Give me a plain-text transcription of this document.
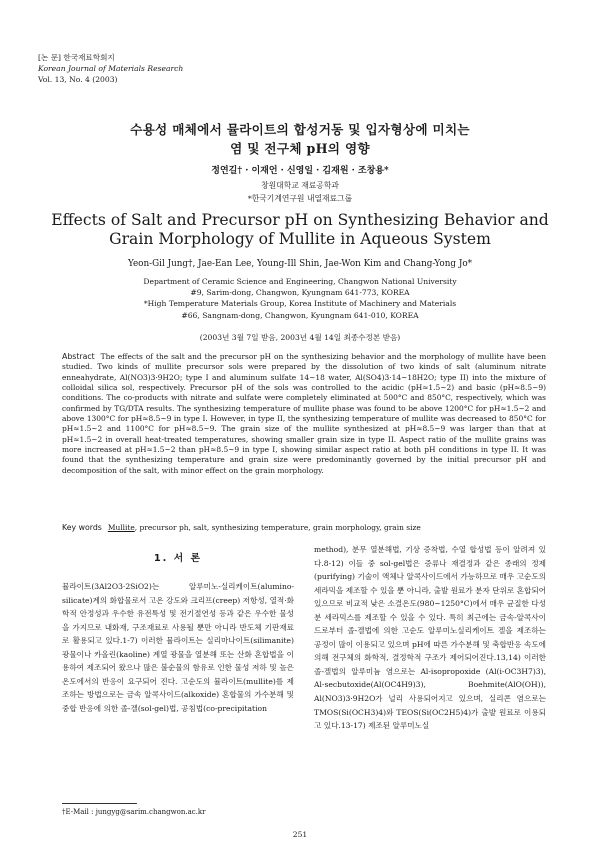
[논 문] 한국재료학회지
Korean Journal of Materials Research
Vol. 13, No. 4 (2003)
수용성 매체에서 뮬라이트의 합성거동 및 입자형상에 미치는
염 및 전구체 pH의 영향
정연길† · 이재언 · 신영일 · 김재원 · 조창용*
창원대학교 재료공학과
*한국기계연구원 내열재료그룹
Effects of Salt and Precursor pH on Synthesizing Behavior and
Grain Morphology of Mullite in Aqueous System
Yeon-Gil Jung†, Jae-Ean Lee, Young-Ill Shin, Jae-Won Kim and Chang-Yong Jo*
Department of Ceramic Science and Engineering, Changwon National University
#9, Sarim-dong, Changwon, Kyungnam 641-773, KOREA
*High Temperature Materials Group, Korea Institute of Machinery and Materials
#66, Sangnam-dong, Changwon, Kyungnam 641-010, KOREA
(2003년 3월 7일 받음, 2003년 4월 14일 최종수정본 받음)
Abstract The effects of the salt and the precursor pH on the synthesizing behavior and the morphology of mullite have been studied. Two kinds of mullite precursor sols were prepared by the dissolution of two kinds of salt (aluminum nitrate enneahydrate, Al(NO3)3·9H2O; type I and aluminum sulfate 14~18 water, Al(SO4)3·14~18H2O; type II) into the mixture of colloidal silica sol, respectively. Precursor pH of the sols was controlled to the acidic (pH≈1.5~2) and basic (pH≈8.5~9) conditions. The co-products with nitrate and sulfate were completely eliminated at 500°C and 850°C, respectively, which was confirmed by TG/DTA results. The synthesizing temperature of mullite phase was found to be above 1200°C for pH≈1.5~2 and above 1300°C for pH≈8.5~9 in type I. However, in type II, the synthesizing temperature of mullite was decreased to 850°C for pH≈1.5~2 and 1100°C for pH≈8.5~9. The grain size of the mullite synthesized at pH≈8.5~9 was larger than that at pH≈1.5~2 in overall heat-treated temperatures, showing smaller grain size in type II. Aspect ratio of the mullite grains was more increased at pH≈1.5~2 than pH≈8.5~9 in type I, showing similar aspect ratio at both pH conditions in type II. It was found that the synthesizing temperature and grain size were predominantly governed by the initial precursor pH and decomposition of the salt, with minor effect on the grain morphology.
Key words Mullite, precursor ph, salt, synthesizing temperature, grain morphology, grain size
1. 서 론
뮬라이트(3Al2O3·2SiO2)는 알루미노-실리케이트(alumino-silicate)계의 화합물로서 고온 강도와 크리프(creep) 저항성, 열적·화학적 안정성과 우수한 유전특성 및 전기절연성 등과 같은 우수한 물성을 가지므로 내화재, 구조재료로 사용될 뿐만 아니라 반도체 기판재료로 활용되고 있다.1-7) 이러한 뮬라이트는 실리마나이트(silimanite) 광물이나 카올린(kaoline) 계열 광물을 열분해 또는 산화 혼합법을 이용하여 제조되어 왔으나 많은 불순물의 함유로 인한 물성 저하 및 높은 온도에서의 반응이 요구되어 진다. 고순도의 뮬라이트(mullite)를 제조하는 방법으로는 금속 알콕사이드(alkoxide) 혼합물의 가수분해 및 중합 반응에 의한 졸-겔(sol-gel)법, 공침법(co-precipitation
method), 분무 열분해법, 기상 증착법, 수열 합성법 등이 알려져 있다.8-12) 이들 중 sol-gel법은 증류나 재결정과 같은 종래의 정제(purifying) 기술이 액체나 알콕사이드에서 가능하므로 매우 고순도의 세라믹을 제조할 수 있을 뿐 아니라, 출발 원료가 분자 단위로 혼합되어 있으므로 비교적 낮은 소결온도(980~1250°C)에서 매우 균질한 다성분 세라믹스를 제조할 수 있을 수 있다. 특히 최근에는 금속-알콕사이드로부터 졸-겔법에 의한 고순도 알루미노실리케이트 겔을 제조하는 공정이 많이 이용되고 있으며 pH에 따른 가수분해 및 축합반응 속도에 의해 전구체의 화학적, 결정학적 구조가 제어되어진다.13,14) 이러한 졸-겔법의 알루미늄 염으로는 Al-isopropoxide (Al(i-OC3H7)3), Al-secbutoxide(Al(OC4H9)3), Boehmite(AlO(OH)), Al(NO3)3·9H2O가 널리 사용되어지고 있으며, 실리콘 염으로는 TMOS(Si(OCH3)4)와 TEOS(Si(OC2H5)4)가 출발 원료로 이용되고 있다.13-17) 제조된 알루미노실
†E-Mail : jungyg@sarim.changwon.ac.kr
251
